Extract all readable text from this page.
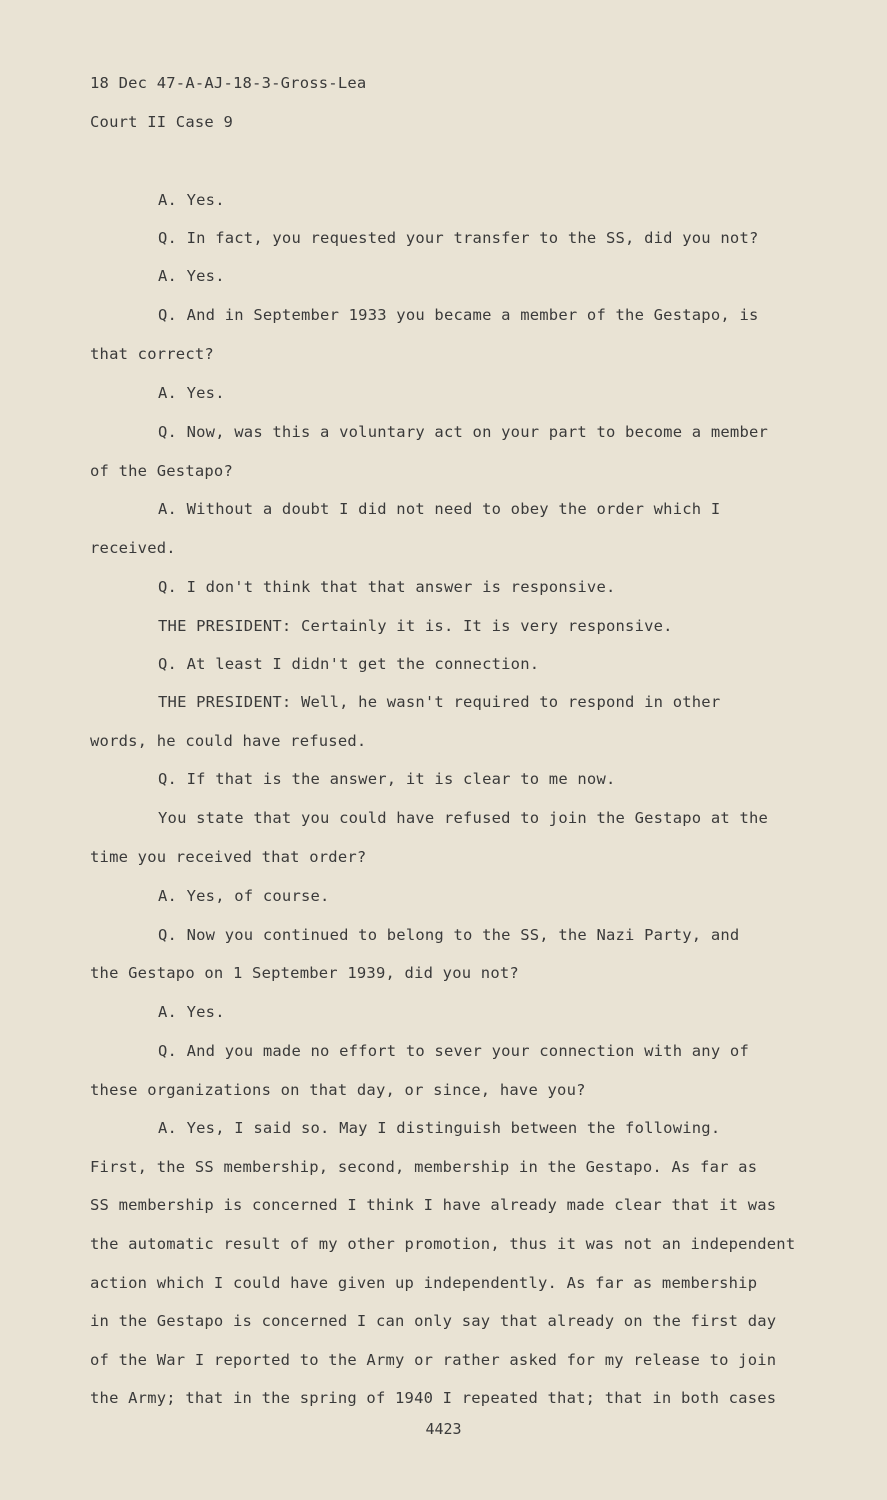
18 Dec 47-A-AJ-18-3-Gross-Lea
Court II Case 9
A. Yes.
Q. In fact, you requested your transfer to the SS, did you not?
A. Yes.
Q. And in September 1933 you became a member of the Gestapo, is
that correct?
A. Yes.
Q. Now, was this a voluntary act on your part to become a member
of the Gestapo?
A. Without a doubt I did not need to obey the order which I
received.
Q. I don't think that that answer is responsive.
THE PRESIDENT: Certainly it is. It is very responsive.
Q. At least I didn't get the connection.
THE PRESIDENT: Well, he wasn't required to respond in other
words, he could have refused.
Q. If that is the answer, it is clear to me now.
You state that you could have refused to join the Gestapo at the
time you received that order?
A. Yes, of course.
Q. Now you continued to belong to the SS, the Nazi Party, and
the Gestapo on 1 September 1939, did you not?
A. Yes.
Q. And you made no effort to sever your connection with any of
these organizations on that day, or since, have you?
A. Yes, I said so. May I distinguish between the following.
First, the SS membership, second, membership in the Gestapo. As far as
SS membership is concerned I think I have already made clear that it was
the automatic result of my other promotion, thus it was not an independent
action which I could have given up independently. As far as membership
in the Gestapo is concerned I can only say that already on the first day
of the War I reported to the Army or rather asked for my release to join
the Army; that in the spring of 1940 I repeated that; that in both cases
4423
